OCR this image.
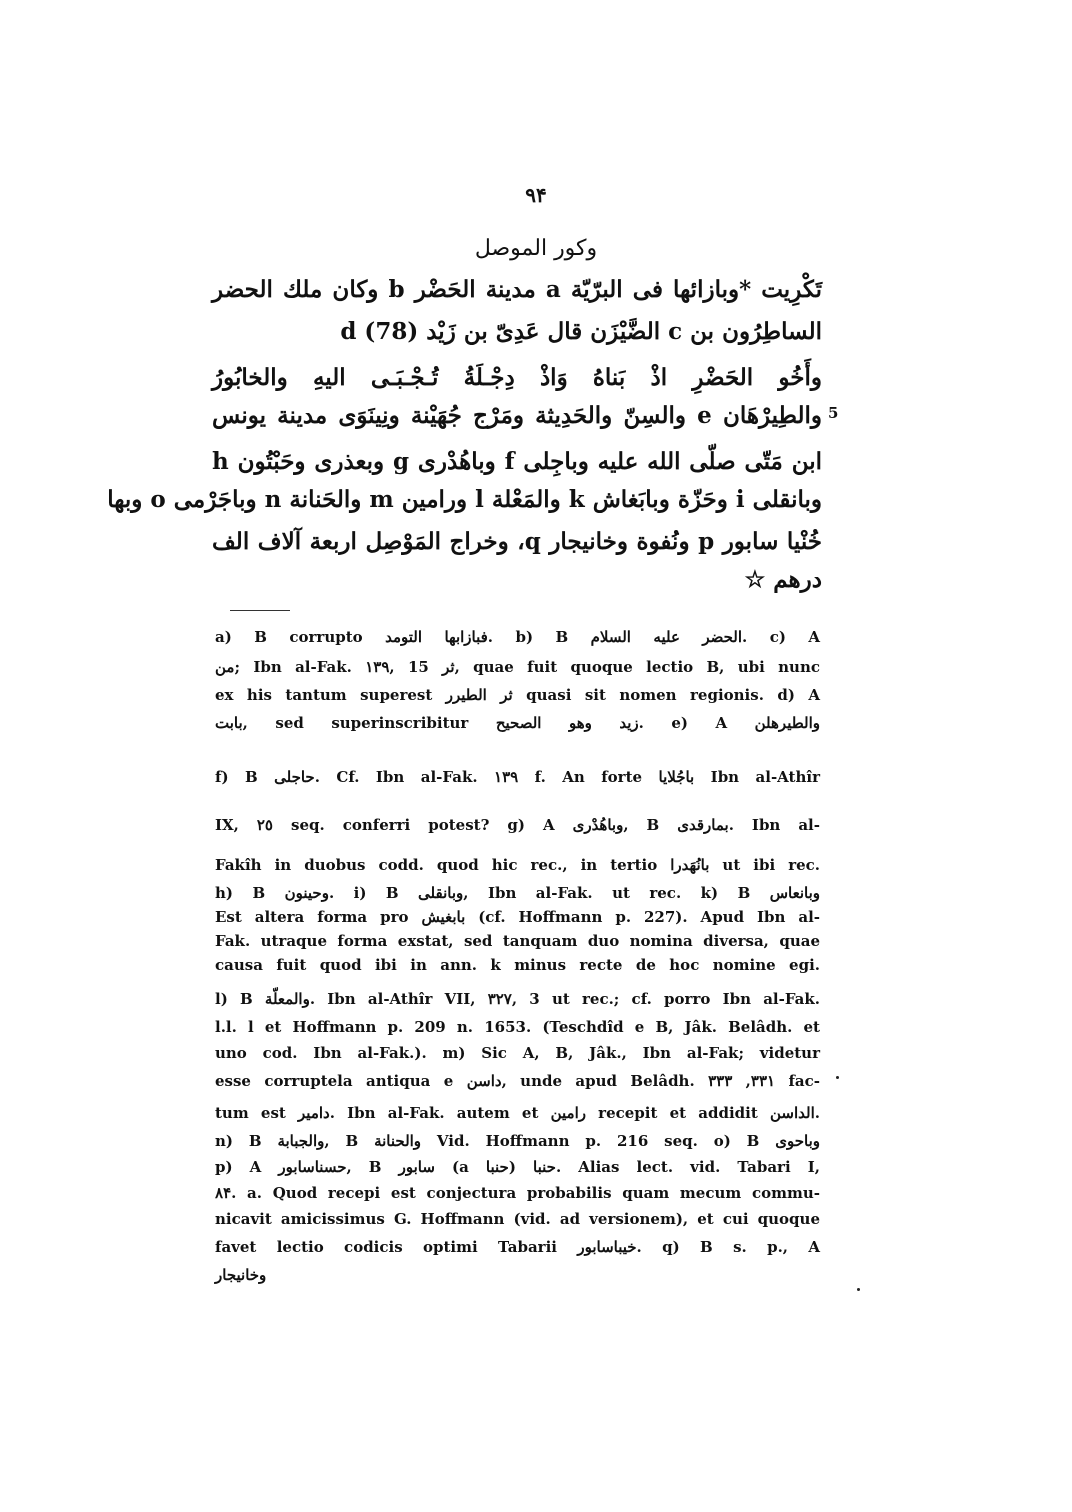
٩۴
وكور الموصل
تَكْرِيت *وبازائها فى البرّيّة a مدينة الحَضْر b وكان ملك الحضر
الساطِرُون بن c الضَّيْزَن قال عَدِىّ بن زَيْد d (78)
وأَخُو الحَضْرِ اذْ بَناهُ وَاذْ دِجْـلَةُ تُـجْـبَـى اليهِ والخابُورُ
والطِيرْهَان e والسِنّ والحَدِيثة ومَرْج جُهَيْنة ونِينَوَى مدينة يونس
ابن مَتّى صلّى الله عليه وباجِلى f وباهُدْرى g وبعذرى وحَبْتُون h
وبانقلى i وحَزّة وبابَغاش k والمَعْلة l ورامين m والحَنانة n وباجَرْمى o وبها
خُنْيا سابور p ونُفوة وخانيجار q، وخراج المَوْصِل اربعة آلاف الف
درهم ☆
5
a) B corrupto فبازابها التومد. b) B الحضر عليه السلام. c) A
من; Ibn al-Fak. ١٣٩, 15 ثر, quae fuit quoque lectio B, ubi nunc
ex his tantum superest ثر الطيرر quasi sit nomen regionis. d) A
بابت, sed superinscribitur زيد وهو الصحيح. e) A والطيرهلن
f) B حاجلى. Cf. Ibn al-Fak. ١٣٩ f. An forte باجُلايا Ibn al-Athîr
IX, ٢٥ seq. conferri potest? g) A وباهُدْرى, B بمارقدى. Ibn al-
Fakîh in duobus codd. quod hic rec., in tertio بانُهَدرا ut ibi rec.
h) B وحينون. i) B وبانقلى, Ibn al-Fak. ut rec. k) B وبانعاس
Est altera forma pro بابغيش (cf. Hoffmann p. 227). Apud Ibn al-
Fak. utraque forma exstat, sed tanquam duo nomina diversa, quae
causa fuit quod ibi in ann. k minus recte de hoc nomine egi.
l) B والمعلّة. Ibn al-Athîr VII, ٣٢٧, 3 ut rec.; cf. porro Ibn al-Fak.
l.l. l et Hoffmann p. 209 n. 1653. (Teschdîd e B, Jâk. Belâdh. et
uno cod. Ibn al-Fak.). m) Sic A, B, Jâk., Ibn al-Fak; videtur
esse corruptela antiqua e داسن, unde apud Belâdh. ٣٣١, ٣٣٣ fac-
tum est دامير. Ibn al-Fak. autem et رامين recepit et addidit الداسن.
n) B والجبابة, B والحنانة Vid. Hoffmann p. 216 seq. o) B وباحوى
p) A حسناسابور, B سابور (a حنبا) حنبا. Alias lect. vid. Tabari I,
٨۴. a. Quod recepi est conjectura probabilis quam mecum commu-
nicavit amicissimus G. Hoffmann (vid. ad versionem), et cui quoque
favet lectio codicis optimi Tabarii خيباسابور. q) B s. p., A
وخانيجار
